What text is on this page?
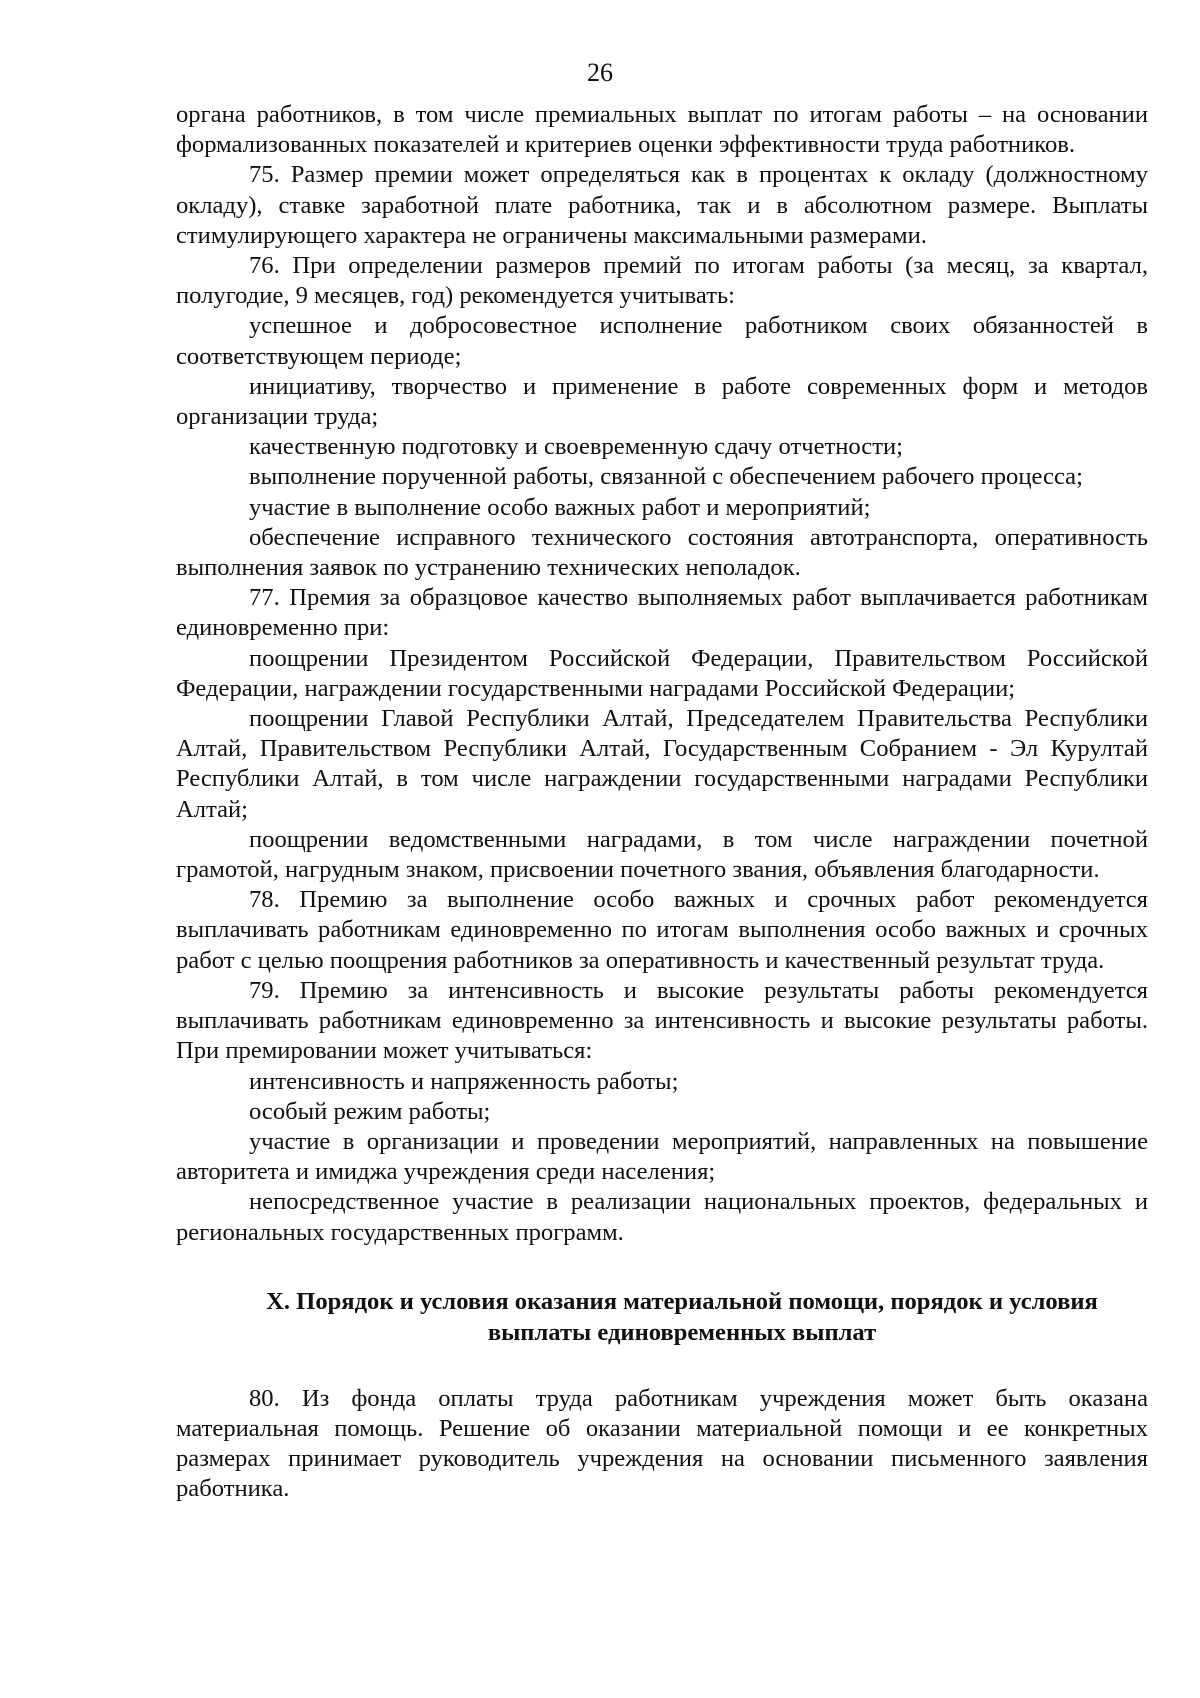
26

органа работников, в том числе премиальных выплат по итогам работы – на основании формализованных показателей и критериев оценки эффективности труда работников.

75. Размер премии может определяться как в процентах к окладу (должностному окладу), ставке заработной плате работника, так и в абсолютном размере. Выплаты стимулирующего характера не ограничены максимальными размерами.

76. При определении размеров премий по итогам работы (за месяц, за квартал, полугодие, 9 месяцев, год) рекомендуется учитывать:

успешное и добросовестное исполнение работником своих обязанностей в соответствующем периоде;

инициативу, творчество и применение в работе современных форм и методов организации труда;

качественную подготовку и своевременную сдачу отчетности;

выполнение порученной работы, связанной с обеспечением рабочего процесса;

участие в выполнение особо важных работ и мероприятий;

обеспечение исправного технического состояния автотранспорта, оперативность выполнения заявок по устранению технических неполадок.

77. Премия за образцовое качество выполняемых работ выплачивается работникам единовременно при:

поощрении Президентом Российской Федерации, Правительством Российской Федерации, награждении государственными наградами Российской Федерации;

поощрении Главой Республики Алтай, Председателем Правительства Республики Алтай, Правительством Республики Алтай, Государственным Собранием - Эл Курултай Республики Алтай, в том числе награждении государственными наградами Республики Алтай;

поощрении ведомственными наградами, в том числе награждении почетной грамотой, нагрудным знаком, присвоении почетного звания, объявления благодарности.

78. Премию за выполнение особо важных и срочных работ рекомендуется выплачивать работникам единовременно по итогам выполнения особо важных и срочных работ с целью поощрения работников за оперативность и качественный результат труда.

79. Премию за интенсивность и высокие результаты работы рекомендуется выплачивать работникам единовременно за интенсивность и высокие результаты работы. При премировании может учитываться:

интенсивность и напряженность работы;

особый режим работы;

участие в организации и проведении мероприятий, направленных на повышение авторитета и имиджа учреждения среди населения;

непосредственное участие в реализации национальных проектов, федеральных и региональных государственных программ.

X. Порядок и условия оказания материальной помощи, порядок и условия
выплаты единовременных выплат

80. Из фонда оплаты труда работникам учреждения может быть оказана материальная помощь. Решение об оказании материальной помощи и ее конкретных размерах принимает руководитель учреждения на основании письменного заявления работника.
